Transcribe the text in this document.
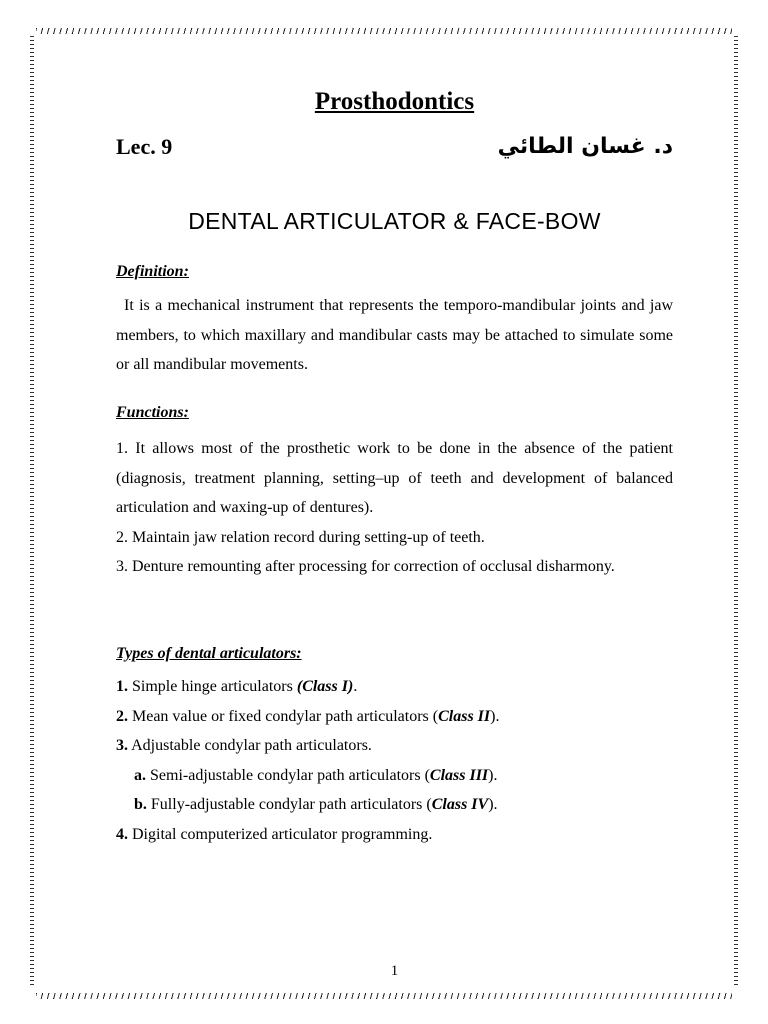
Prosthodontics
Lec. 9	د. غسان الطائي
DENTAL ARTICULATOR & FACE-BOW
Definition:
It is a mechanical instrument that represents the temporo-mandibular joints and jaw members, to which maxillary and mandibular casts may be attached to simulate some or all mandibular movements.
Functions:
1. It allows most of the prosthetic work to be done in the absence of the patient (diagnosis, treatment planning, setting–up of teeth and development of balanced articulation and waxing-up of dentures).
2. Maintain jaw relation record during setting-up of teeth.
3. Denture remounting after processing for correction of occlusal disharmony.
Types of dental articulators:
1. Simple hinge articulators (Class I).
2. Mean value or fixed condylar path articulators (Class II).
3. Adjustable condylar path articulators.
a. Semi-adjustable condylar path articulators (Class III).
b. Fully-adjustable condylar path articulators (Class IV).
4. Digital computerized articulator programming.
1
